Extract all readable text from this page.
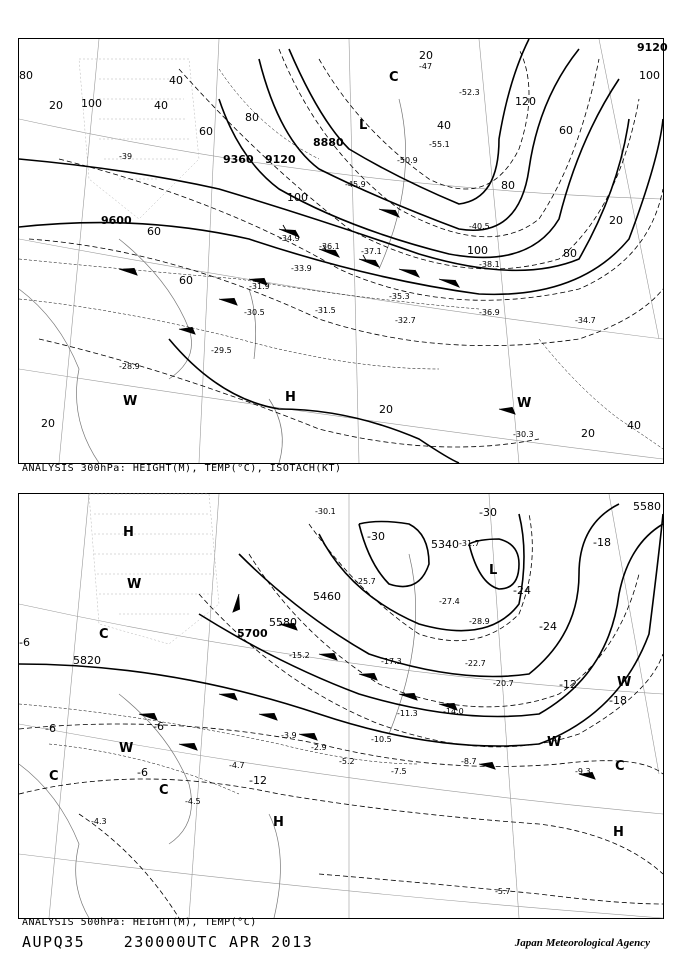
9600
9360 9120
8880
9120
20	40
60
80
100
120
20
40	60
80
100
20
40
60
80
100
20
20
20
40
60
80
100
-39
-47
-52.3
-55.1
-50.9
-45.9
-37.1
-36.1
-34.9
-33.9
-31.9
-31.5
-30.5
-29.5
-28.9
-30.3
-35.3
-32.7
-36.9
-34.7
-38.1
-40.5
C
L
W	H	W
ANALYSIS 300hPa: HEIGHT(M), TEMP(°C), ISOTACH(KT)
5820
5700
5580
5460
5340
5580
-30
-24
-18
-12
-6
-6
-6
-6
-30
-24
-18
-12
-30.1
-31.7
-25.7
-27.4
-28.9
-22.7
-20.7
-17.3
-15.2
-14.0
-10.5
-11.3
-8.7
-9.3
-7.5
-5.7
-4.5
-2.9
-3.9
-4.7
-4.3
-5.2
H
W
C
L
W
W
C
C
W
H
H
C
ANALYSIS 500hPa: HEIGHT(M), TEMP(°C)
AUPQ35	230000UTC APR 2013	Japan Meteorological Agency
